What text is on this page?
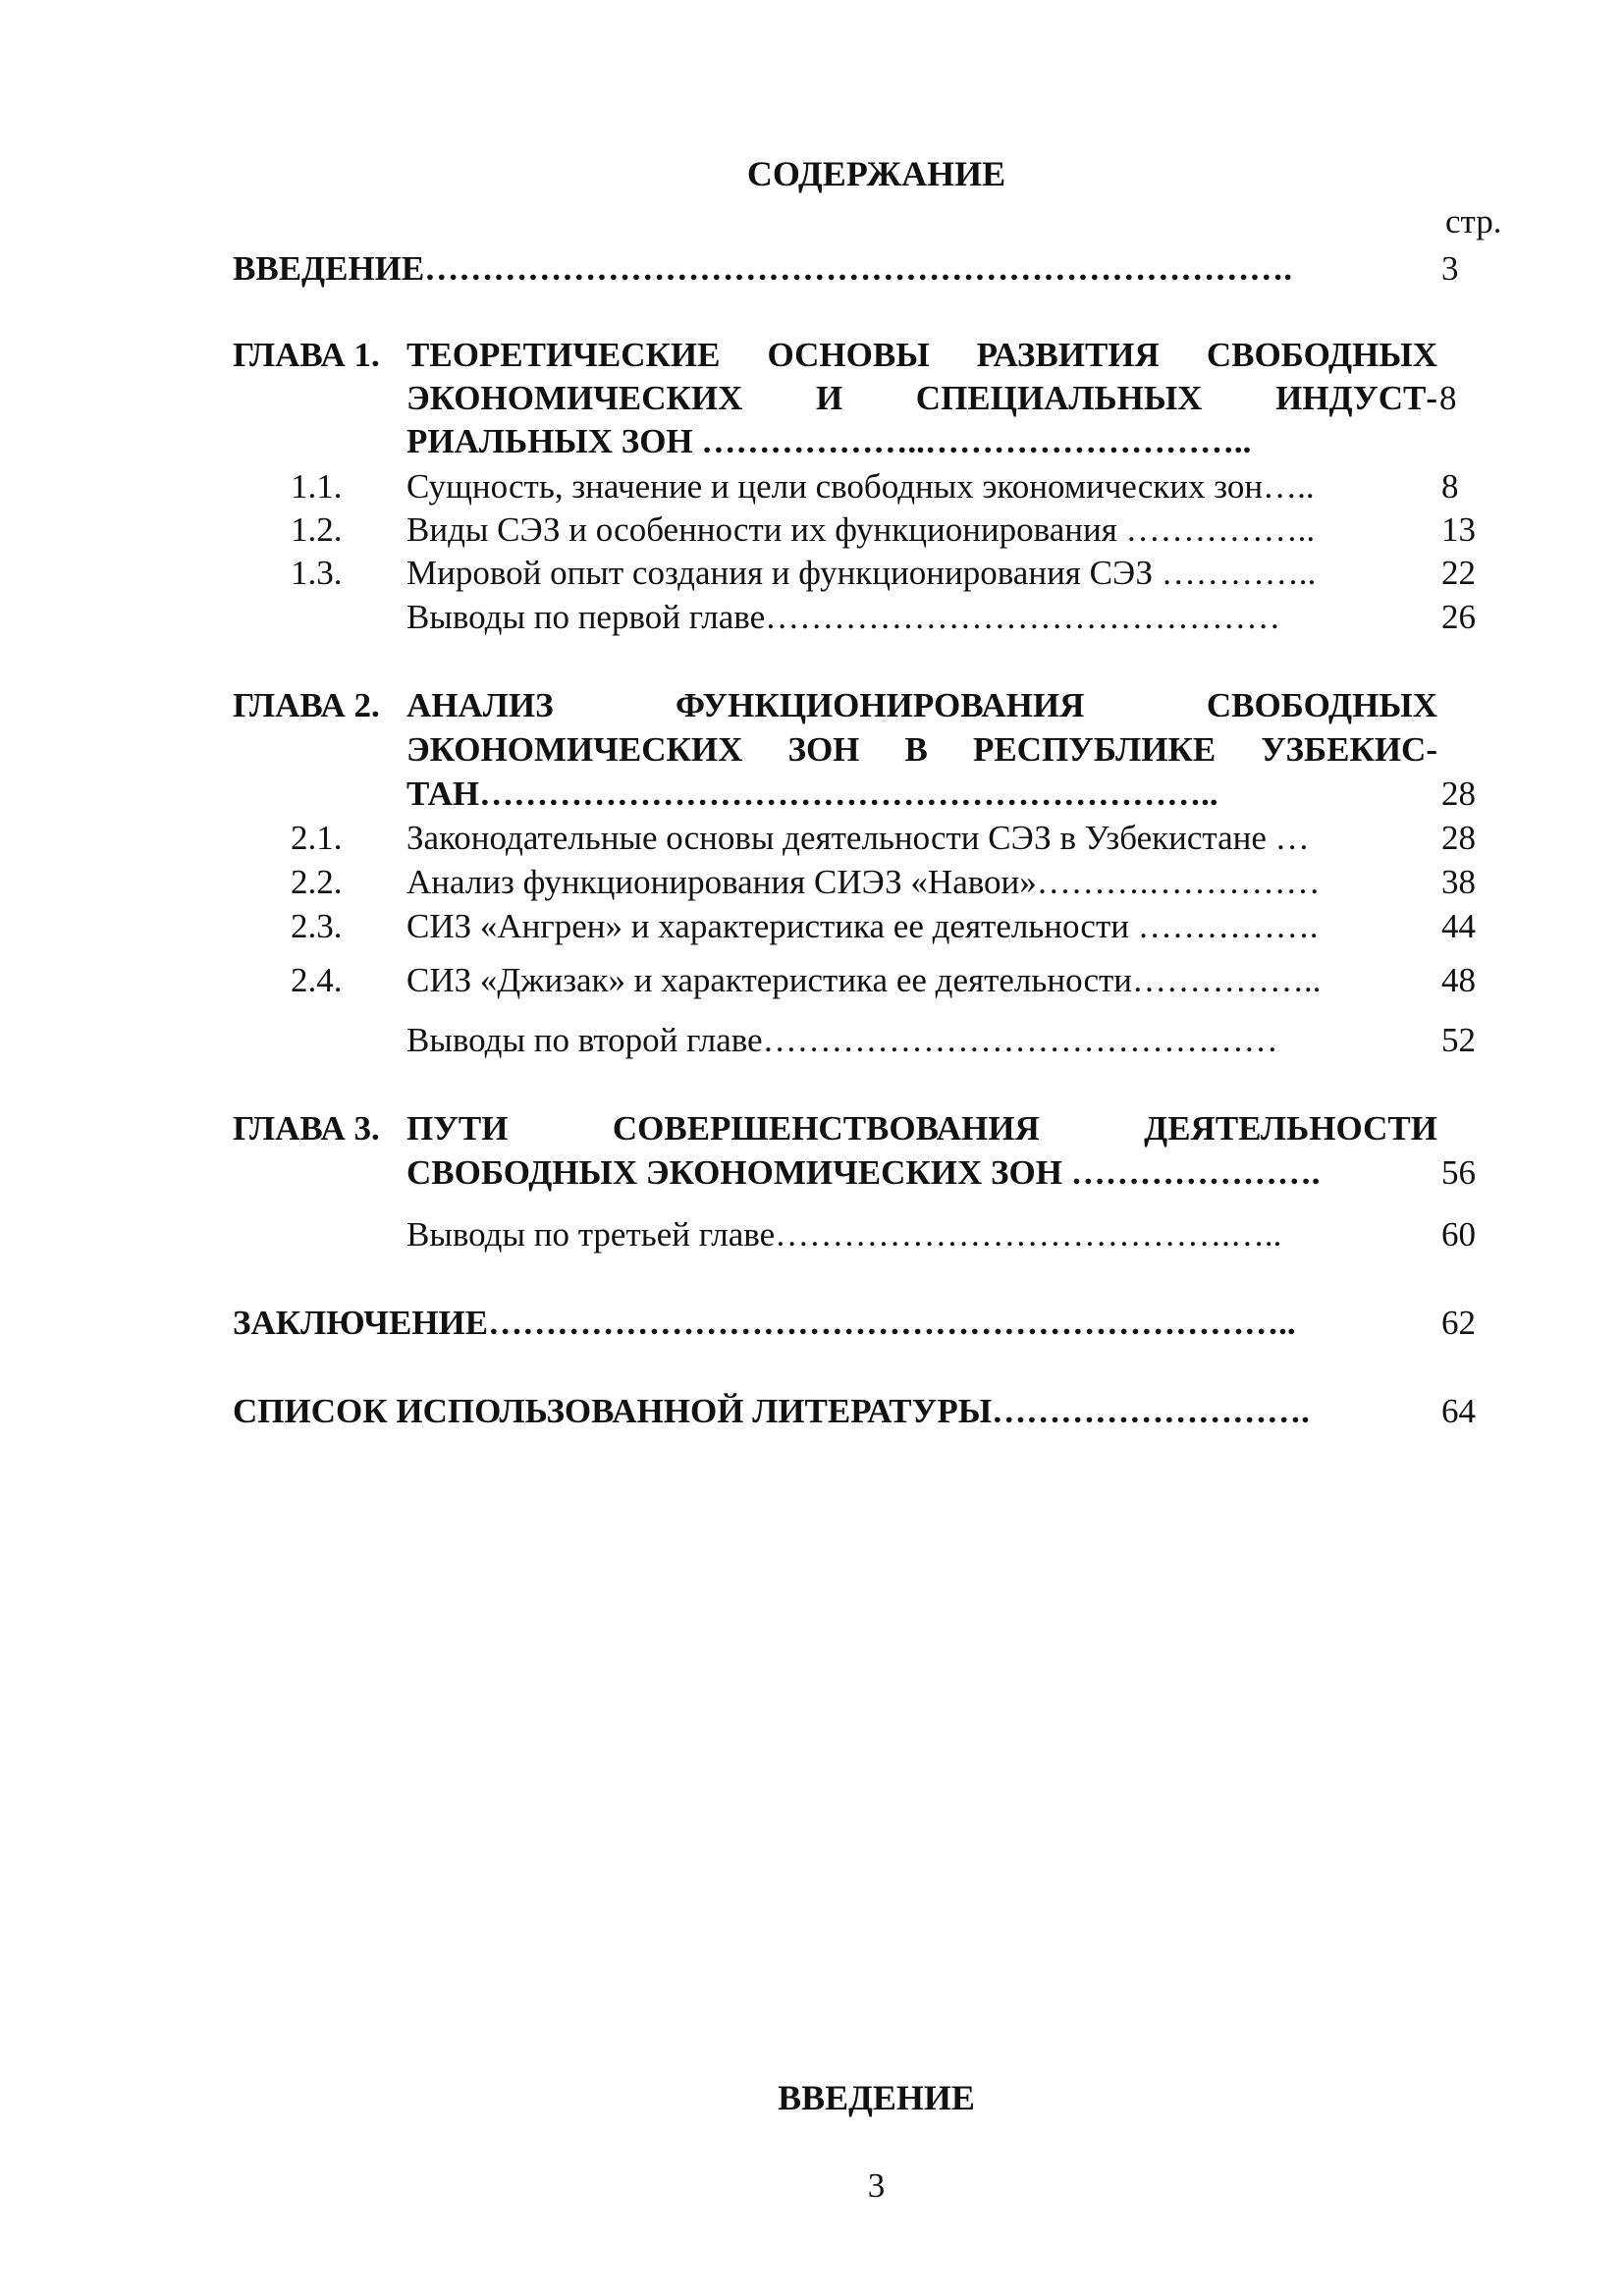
СОДЕРЖАНИЕ
стр.
ВВЕДЕНИЕ………………………………………………………………….	3
ГЛАВА 1. ТЕОРЕТИЧЕСКИЕ ОСНОВЫ РАЗВИТИЯ СВОБОДНЫХ
ЭКОНОМИЧЕСКИХ И СПЕЦИАЛЬНЫХ ИНДУСТ- 8
РИАЛЬНЫХ ЗОН ………………..………………………..
1.1. Сущность, значение и цели свободных экономических зон…..	8
1.2. Виды СЭЗ и особенности их функционирования ……………..	13
1.3. Мировой опыт создания и функционирования СЭЗ …………..	22
Выводы по первой главе………………………………………	26
ГЛАВА 2. АНАЛИЗ ФУНКЦИОНИРОВАНИЯ СВОБОДНЫХ
ЭКОНОМИЧЕСКИХ ЗОН В РЕСПУБЛИКЕ УЗБЕКИС-
ТАН………………………………………………………..	28
2.1. Законодательные основы деятельности СЭЗ в Узбекистане …	28
2.2. Анализ функционирования СИЭЗ «Навои»……….……………	38
2.3. СИЗ «Ангрен» и характеристика ее деятельности …………….	44
2.4. СИЗ «Джизак» и характеристика ее деятельности……………..	48
Выводы по второй главе………………………………………	52
ГЛАВА 3. ПУТИ СОВЕРШЕНСТВОВАНИЯ ДЕЯТЕЛЬНОСТИ
СВОБОДНЫХ ЭКОНОМИЧЕСКИХ ЗОН ………………….	56
Выводы по третьей главе………………………………….…..	60
ЗАКЛЮЧЕНИЕ……………………………………………………………..	62
СПИСОК ИСПОЛЬЗОВАННОЙ ЛИТЕРАТУРЫ……………………….	64
ВВЕДЕНИЕ
3
